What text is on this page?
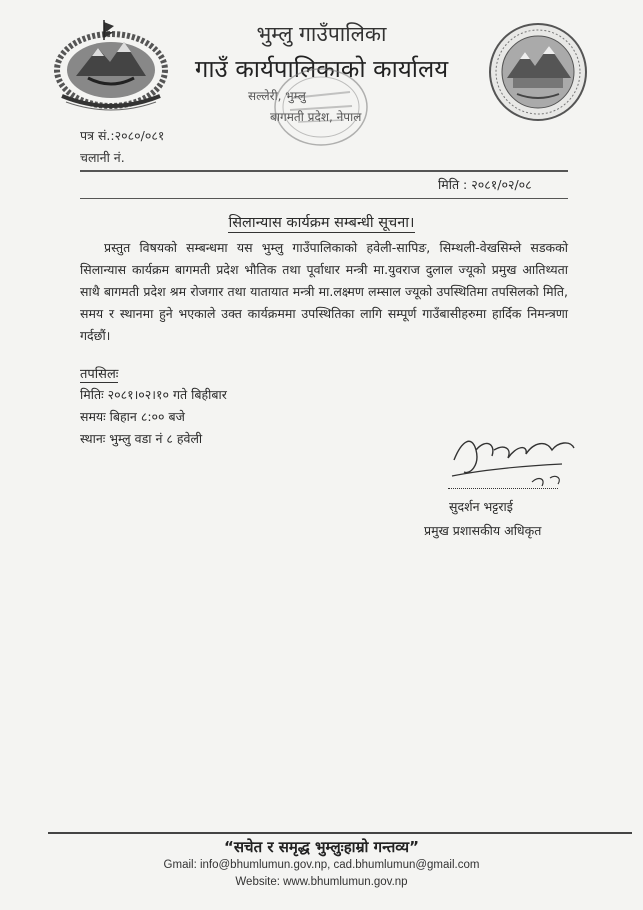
भुम्लु गाउँपालिका
गाउँ कार्यपालिकाको कार्यालय
सल्लेरी, भुम्लु
बागमती प्रदेश, नेपाल
पत्र सं.:२०८०/०८१
चलानी नं.
मिति : २०८१/०२/०८
सिलान्यास कार्यक्रम सम्बन्धी सूचना।
प्रस्तुत विषयको सम्बन्धमा यस भुम्लु गाउँपालिकाको हवेली-सापिङ, सिम्थली-वेखसिम्ले सडकको सिलान्यास कार्यक्रम बागमती प्रदेश भौतिक तथा पूर्वाधार मन्त्री मा.युवराज दुलाल ज्यूको प्रमुख आतिथ्यता साथै बागमती प्रदेश श्रम रोजगार तथा यातायात मन्त्री मा.लक्ष्मण लम्साल ज्यूको उपस्थितिमा तपसिलको मिति, समय र स्थानमा हुने भएकाले उक्त कार्यक्रममा उपस्थितिका लागि सम्पूर्ण गाउँबासीहरुमा हार्दिक निमन्त्रणा गर्दछौं।
तपसिलः
मितिः २०८१।०२।१० गते बिहीबार
समयः बिहान ८:०० बजे
स्थानः भुम्लु वडा नं ८ हवेली
सुदर्शन भट्टराई
प्रमुख प्रशासकीय अधिकृत
“सचेत र समृद्ध भुम्लुःहाम्रो गन्तव्य”
Gmail: info@bhumlumun.gov.np, cad.bhumlumun@gmail.com
Website: www.bhumlumun.gov.np
